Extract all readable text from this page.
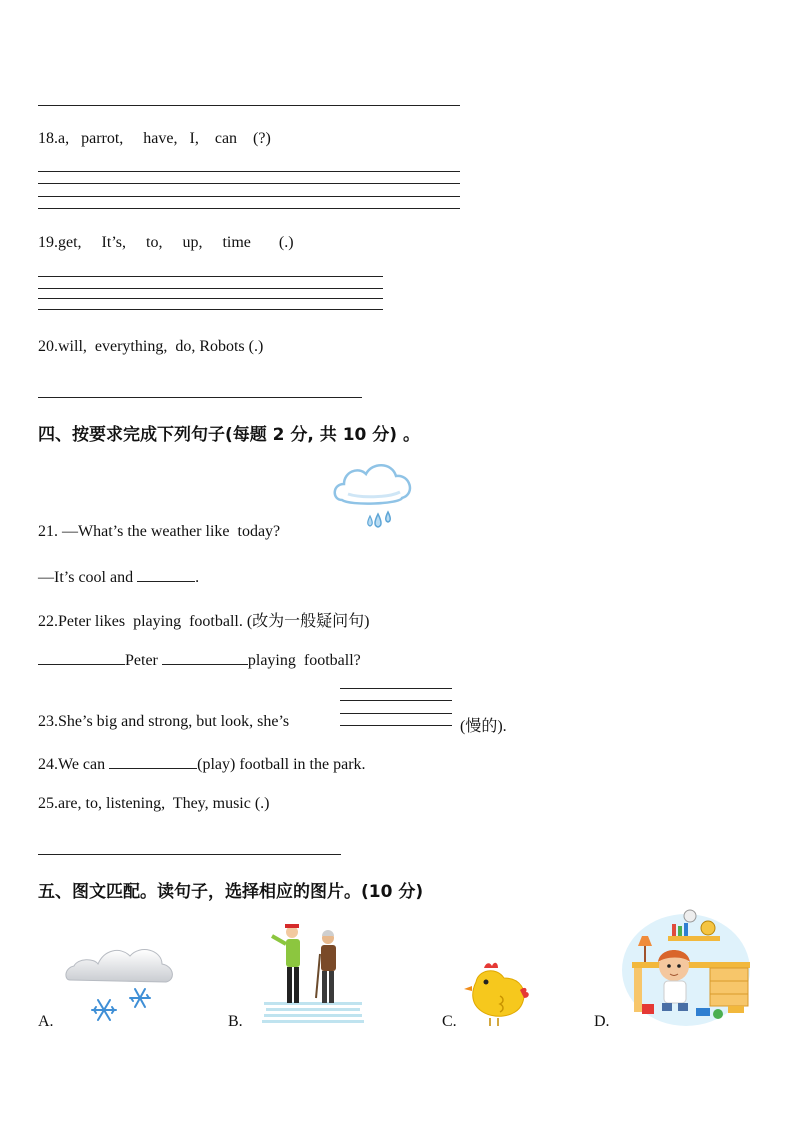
18.a,   parrot,     have,   I,    can    (?)
19.get,     It’s,     to,     up,     time       (.)
20.will,  everything,  do, Robots (.)
四、按要求完成下列句子(每题 2 分, 共 10 分) 。
21. —What’s the weather like  today?
—It’s cool and	.
22.Peter likes  playing  football. (改为一般疑问句)
Peter	playing  football?
23.She’s big and strong, but look, she’s	(慢的).
24.We can	(play) football in the park.
25.are, to, listening,  They, music (.)
五、图文匹配。读句子，选择相应的图片。(10 分)
A.	B.	C.	D.
